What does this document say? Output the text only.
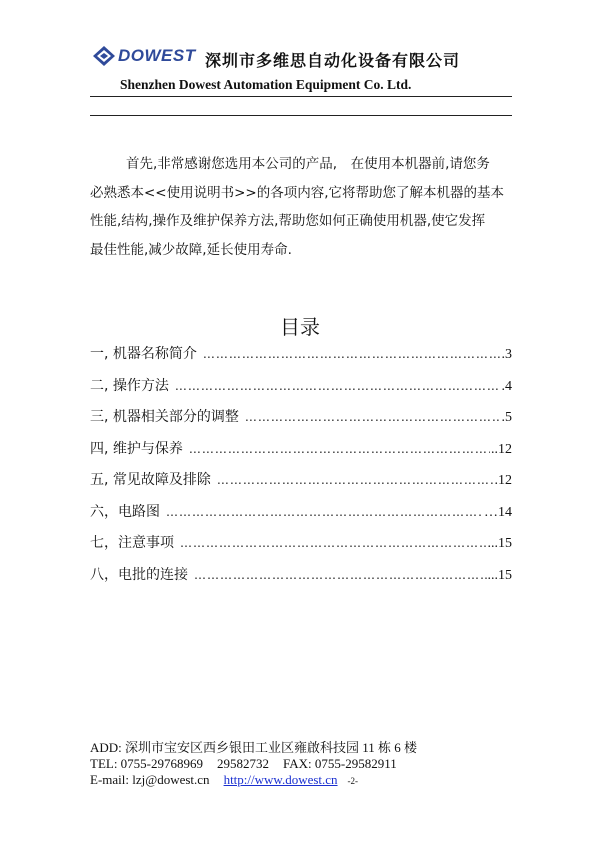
DOWEST 深圳市多维思自动化设备有限公司
Shenzhen Dowest Automation Equipment Co. Ltd.
首先,非常感谢您选用本公司的产品,　在使用本机器前,请您务
必熟悉本<<使用说明书>>的各项内容,它将帮助您了解本机器的基本
性能,结构,操作及维护保养方法,帮助您如何正确使用机器,使它发挥
最佳性能,减少故障,延长使用寿命.
目录
一, 机器名称简介 ………………………………………………………………………………………………………	.3
二, 操作方法 ………………………………………………………………………………………………………	.4
三, 机器相关部分的调整 ………………………………………………………………………………………………………	.5
四, 维护与保养 ………………………………………………………………………………………………………	..12
五, 常见故障及排除 ………………………………………………………………………………………………………	.12
六，电路图 ………………………………………………………………………………………………………	…14
七，注意事项 ………………………………………………………………………………………………………	...15
八，电批的连接 ………………………………………………………………………………………………………	...15
ADD: 深圳市宝安区西乡银田工业区雍啟科技园 11 栋 6 楼
TEL: 0755-29768969 29582732 FAX: 0755-29582911
E-mail: lzj@dowest.cn http://www.dowest.cn -2-
